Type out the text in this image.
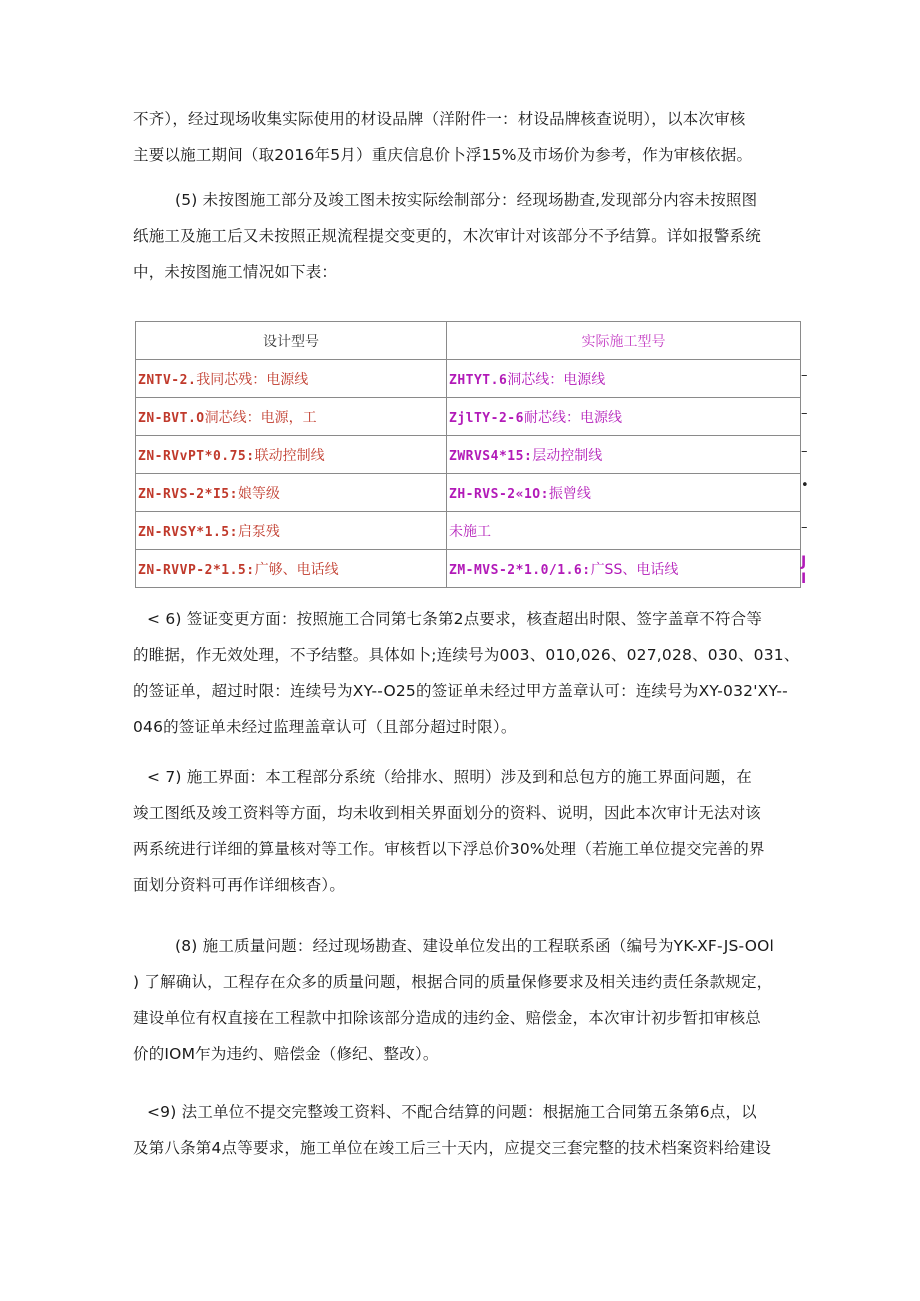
不齐），经过现场收集实际使用的材设品牌（洋附件一：材设品牌核查说明），以本次审核

主要以施工期间（取2016年5月）重庆信息价卜浮15%及市场价为参考，作为审核依据。

(5) 未按图施工部分及竣工图未按实际绘制部分：经现场勘查,发现部分内容未按照图

纸施工及施工后又未按照正规流程提交变更的，木次审计对该部分不予结算。详如报警系统

中，未按图施工情况如下表：

设计型号	实际施工型号
ZNTV-2.我同芯残：电源线	ZHTYT.6洞芯线：电源线
ZN-BVT.O洞芯线：电源，工	ZjlTY-2-6耐芯线：电源线
ZN-RVvPT*0.75:联动控制线	ZWRVS4*15:层动控制线
ZN-RVS-2*I5:娘等级	ZH-RVS-2«1O:振曾线
ZN-RVSY*1.5:启泵残	未施工
ZN-RVVP-2*1.5:广够、电话线	ZM-MVS-2*1.0/1.6:广SS、电话线
–
–
–
•
–
J I

< 6) 签证变更方面：按照施工合同第七条第2点要求，核查超出时限、签字盖章不符合等

的睢据，作无效处理，不予结整。具体如卜;连续号为003、010,026、027,028、030、031、

的签证单，超过时限：连续号为XY--O25的签证单未经过甲方盖章认可：连续号为XY-032'XY--

046的签证单未经过监理盖章认可（且部分超过时限）。

< 7) 施工界面：本工程部分系统（给排水、照明）涉及到和总包方的施工界面问题，在

竣工图纸及竣工资料等方面，均未收到相关界面划分的资料、说明，因此本次审计无法对该

两系统进行详细的算量核对等工作。审核哲以下浮总价30%处理（若施工单位提交完善的界

面划分资料可再作详细核杳）。

(8) 施工质量问题：经过现场勘查、建设单位发出的工程联系函（编号为YK-XF-JS-OOl

) 了解确认，工程存在众多的质量问题，根据合同的质量保修要求及相关违约责任条款规定，

建设单位有权直接在工程款中扣除该部分造成的违约金、赔偿金，本次审计初步暂扣审核总

价的IOM乍为违约、赔偿金（修纪、整改）。

<9) 法工单位不提交完整竣工资料、不配合结算的问题：根据施工合同第五条第6点，以

及第八条第4点等要求，施工单位在竣工后三十天内，应提交三套完整的技术档案资料给建设
